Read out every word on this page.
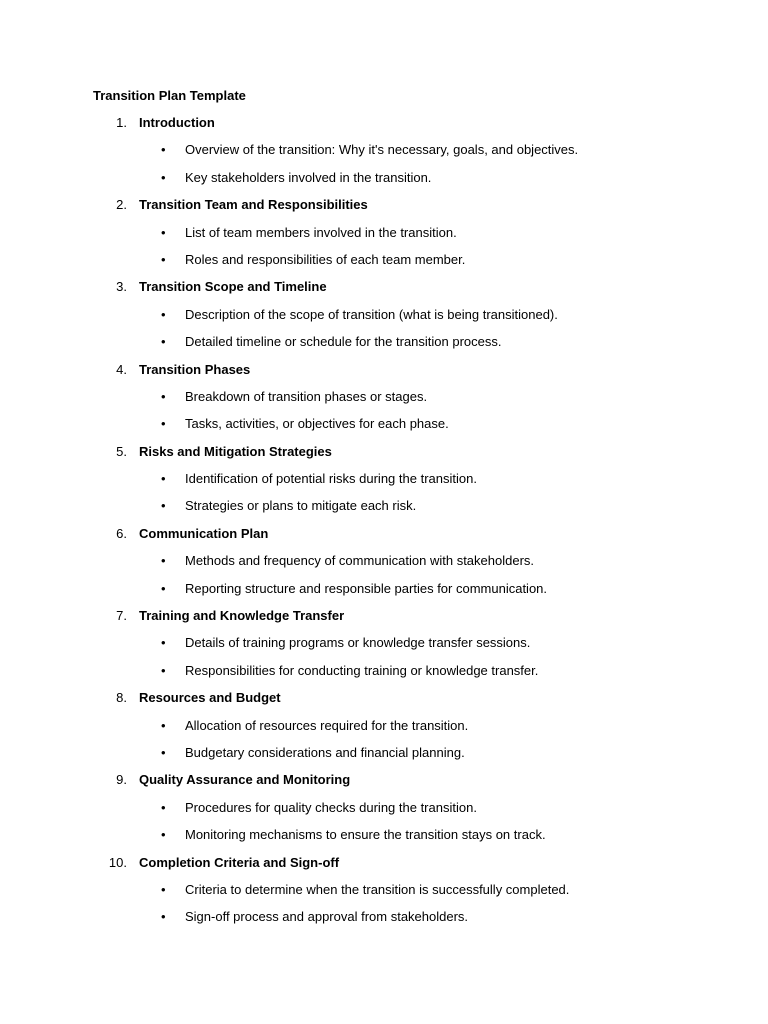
Transition Plan Template
1. Introduction
• Overview of the transition: Why it's necessary, goals, and objectives.
• Key stakeholders involved in the transition.
2. Transition Team and Responsibilities
• List of team members involved in the transition.
• Roles and responsibilities of each team member.
3. Transition Scope and Timeline
• Description of the scope of transition (what is being transitioned).
• Detailed timeline or schedule for the transition process.
4. Transition Phases
• Breakdown of transition phases or stages.
• Tasks, activities, or objectives for each phase.
5. Risks and Mitigation Strategies
• Identification of potential risks during the transition.
• Strategies or plans to mitigate each risk.
6. Communication Plan
• Methods and frequency of communication with stakeholders.
• Reporting structure and responsible parties for communication.
7. Training and Knowledge Transfer
• Details of training programs or knowledge transfer sessions.
• Responsibilities for conducting training or knowledge transfer.
8. Resources and Budget
• Allocation of resources required for the transition.
• Budgetary considerations and financial planning.
9. Quality Assurance and Monitoring
• Procedures for quality checks during the transition.
• Monitoring mechanisms to ensure the transition stays on track.
10. Completion Criteria and Sign-off
• Criteria to determine when the transition is successfully completed.
• Sign-off process and approval from stakeholders.
